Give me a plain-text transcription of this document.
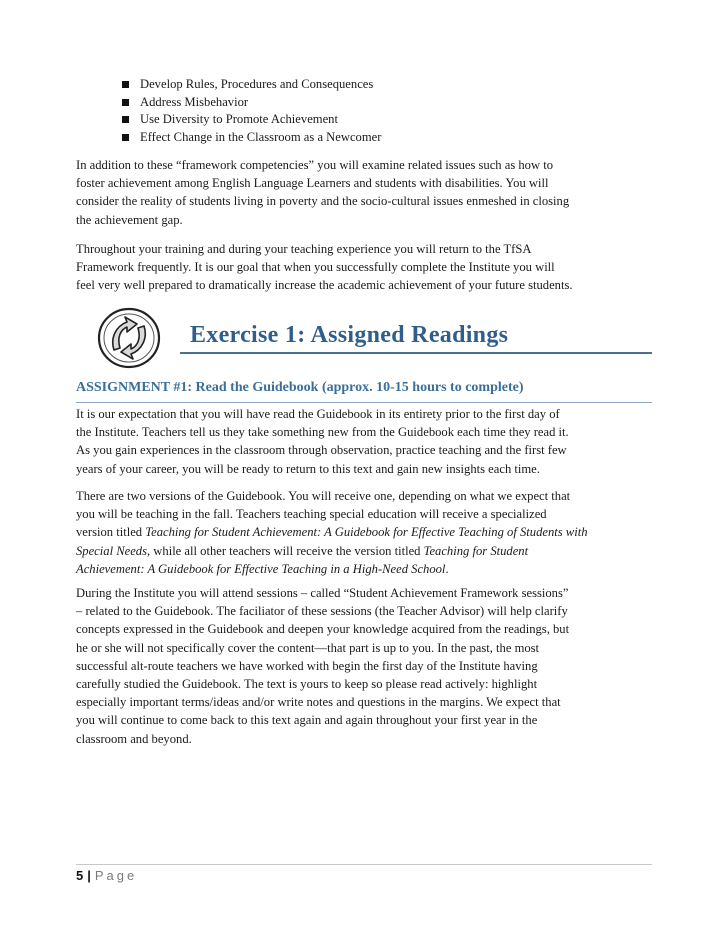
Develop Rules, Procedures and Consequences
Address Misbehavior
Use Diversity to Promote Achievement
Effect Change in the Classroom as a Newcomer

In addition to these “framework competencies” you will examine related issues such as how to
foster achievement among English Language Learners and students with disabilities. You will
consider the reality of students living in poverty and the socio-cultural issues enmeshed in closing
the achievement gap.

Throughout your training and during your teaching experience you will return to the TfSA
Framework frequently. It is our goal that when you successfully complete the Institute you will
feel very well prepared to dramatically increase the academic achievement of your future students.

Exercise 1: Assigned Readings
ASSIGNMENT #1: Read the Guidebook (approx. 10-15 hours to complete)

It is our expectation that you will have read the Guidebook in its entirety prior to the first day of
the Institute. Teachers tell us they take something new from the Guidebook each time they read it.
As you gain experiences in the classroom through observation, practice teaching and the first few
years of your career, you will be ready to return to this text and gain new insights each time.

There are two versions of the Guidebook. You will receive one, depending on what we expect that
you will be teaching in the fall. Teachers teaching special education will receive a specialized
version titled Teaching for Student Achievement: A Guidebook for Effective Teaching of Students with
Special Needs, while all other teachers will receive the version titled Teaching for Student
Achievement: A Guidebook for Effective Teaching in a High-Need School.

During the Institute you will attend sessions – called “Student Achievement Framework sessions”
– related to the Guidebook. The faciliator of these sessions (the Teacher Advisor) will help clarify
concepts expressed in the Guidebook and deepen your knowledge acquired from the readings, but
he or she will not specifically cover the content—that part is up to you. In the past, the most
successful alt-route teachers we have worked with begin the first day of the Institute having
carefully studied the Guidebook. The text is yours to keep so please read actively: highlight
especially important terms/ideas and/or write notes and questions in the margins. We expect that
you will continue to come back to this text again and again throughout your first year in the
classroom and beyond.

5 | Page
